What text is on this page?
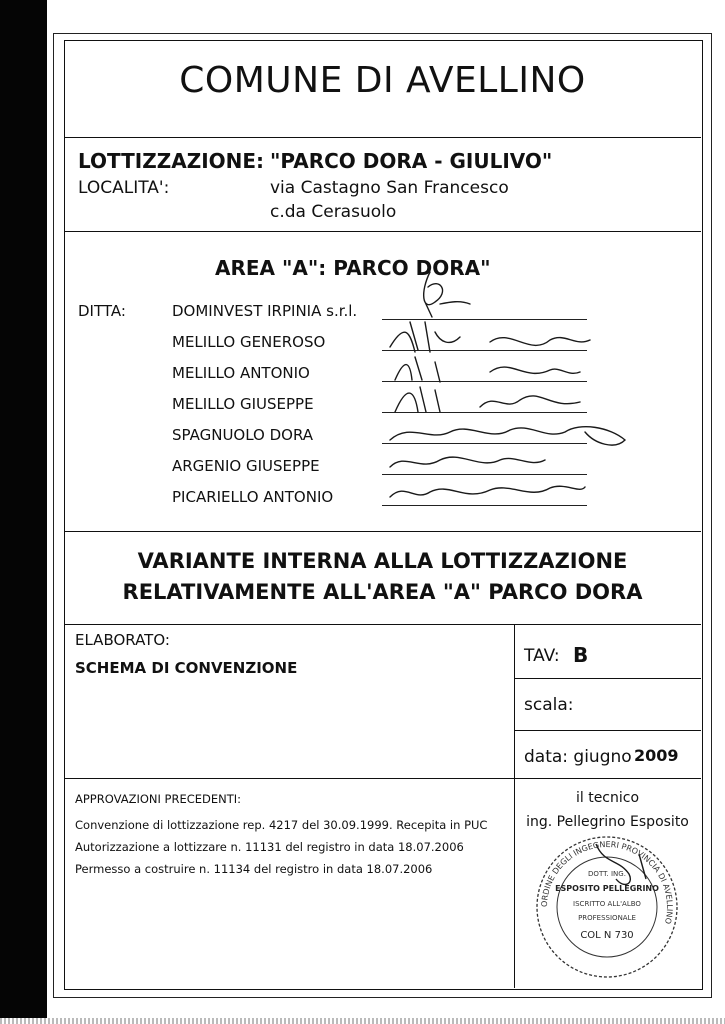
COMUNE DI AVELLINO
LOTTIZZAZIONE: "PARCO DORA - GIULIVO"
LOCALITA':	via Castagno San Francesco
c.da Cerasuolo
AREA "A": PARCO DORA"
DITTA:	DOMINVEST IRPINIA s.r.l.
MELILLO GENEROSO
MELILLO ANTONIO
MELILLO GIUSEPPE
SPAGNUOLO DORA
ARGENIO GIUSEPPE
PICARIELLO ANTONIO
VARIANTE INTERNA ALLA LOTTIZZAZIONE
RELATIVAMENTE ALL'AREA "A" PARCO DORA
ELABORATO:
SCHEMA DI CONVENZIONE
TAV: B
scala:
data: giugno 2009
APPROVAZIONI PRECEDENTI:
Convenzione di lottizzazione rep. 4217 del 30.09.1999. Recepita in PUC
Autorizzazione a lottizzare n. 11131 del registro in data 18.07.2006
Permesso a costruire n. 11134 del registro in data 18.07.2006
il tecnico
ing. Pellegrino Esposito
ORDINE DEGLI INGEGNERI PROVINCIA DI AVELLINO
DOTT. ING.
ESPOSITO PELLEGRINO
ISCRITTO ALL'ALBO
PROFESSIONALE
COL N 730
